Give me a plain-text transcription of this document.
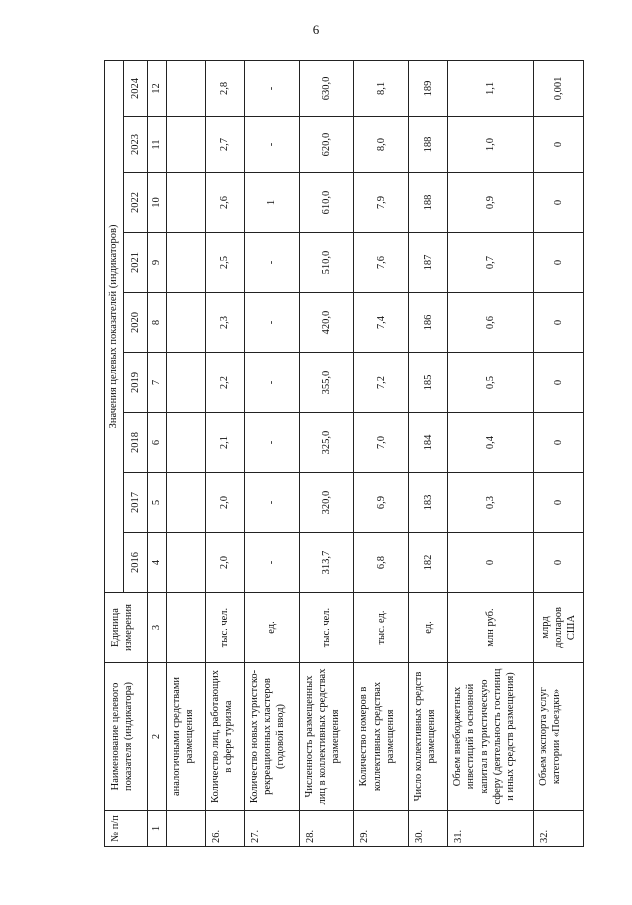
6
№ п/п	Наименование целевого показателя (индикатора)	Единица измерения	Значения целевых показателей (индикаторов)								
			2016	2017	2018	2019	2020	2021	2022	2023	2024
1	2	3	4	5	6	7	8	9	10	11	12
	аналогичными средствами размещения										
26.	Количество лиц, работающих в сфере туризма	тыс. чел.	2,0	2,0	2,1	2,2	2,3	2,5	2,6	2,7	2,8
27.	Количество новых туристско-рекреационных кластеров (годовой ввод)	ед.	-	-	-	-	-	-	1	-	-
28.	Численность размещенных лиц в коллективных средствах размещения	тыс. чел.	313,7	320,0	325,0	355,0	420,0	510,0	610,0	620,0	630,0
29.	Количество номеров в коллективных средствах размещения	тыс. ед.	6,8	6,9	7,0	7,2	7,4	7,6	7,9	8,0	8,1
30.	Число коллективных средств размещения	ед.	182	183	184	185	186	187	188	188	189
31.	Объем внебюджетных инвестиций в основной капитал в туристическую сферу (деятельность гостиниц и иных средств размещения)	млн руб.	0	0,3	0,4	0,5	0,6	0,7	0,9	1,0	1,1
32.	Объем экспорта услуг категории «Поездки»	млрд долларов США	0	0	0	0	0	0	0	0	0,001
